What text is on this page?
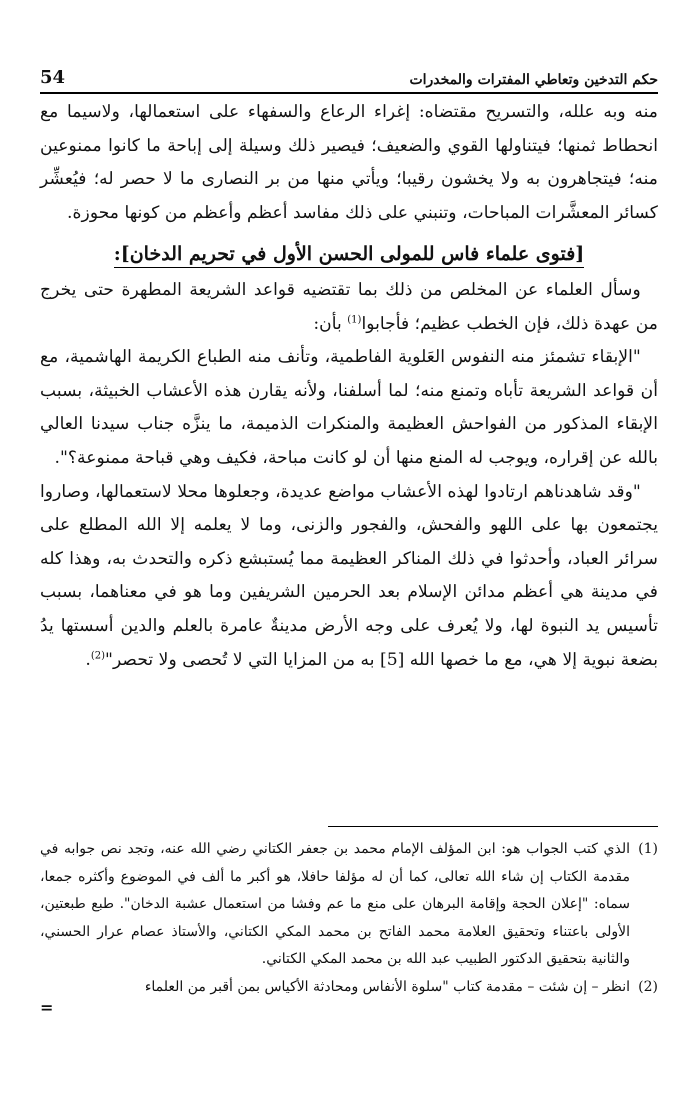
حكم التدخين وتعاطي المفترات والمخدرات
54

منه وبه علله، والتسريح مقتضاه: إغراء الرعاع والسفهاء على استعمالها، ولاسيما مع انحطاط ثمنها؛ فيتناولها القوي والضعيف؛ فيصير ذلك وسيلة إلى إباحة ما كانوا ممنوعين منه؛ فيتجاهرون به ولا يخشون رقيبا؛ ويأتي منها من بر النصارى ما لا حصر له؛ فيُعشِّر كسائر المعشَّرات المباحات، وتنبني على ذلك مفاسد أعظم وأعظم من كونها محوزة.

[فتوى علماء فاس للمولى الحسن الأول في تحريم الدخان]:

 وسأل العلماء عن المخلص من ذلك بما تقتضيه قواعد الشريعة المطهرة حتى يخرج من عهدة ذلك، فإن الخطب عظيم؛ فأجابوا$^{(1)}$ بأن:

 "الإبقاء تشمئز منه النفوس العَلوية الفاطمية، وتأنف منه الطباع الكريمة الهاشمية، مع أن قواعد الشريعة تأباه وتمنع منه؛ لما أسلفنا، ولأنه يقارن هذه الأعشاب الخبيثة، بسبب الإبقاء المذكور من الفواحش العظيمة والمنكرات الذميمة، ما ينزَّه جناب سيدنا العالي بالله عن إقراره، ويوجب له المنع منها أن لو كانت مباحة، فكيف وهي قباحة ممنوعة؟".

 "وقد شاهدناهم ارتادوا لهذه الأعشاب مواضع عديدة، وجعلوها محلا لاستعمالها، وصاروا يجتمعون بها على اللهو والفحش، والفجور والزنى، وما لا يعلمه إلا الله المطلع على سرائر العباد، وأحدثوا في ذلك المناكر العظيمة مما يُستبشع ذكره والتحدث به، وهذا كله في مدينة هي أعظم مدائن الإسلام بعد الحرمين الشريفين وما هو في معناهما، بسبب تأسيس يد النبوة لها، ولا يُعرف على وجه الأرض مدينةٌ عامرة بالعلم والدين أسستها يدُ بضعة نبوية إلا هي، مع ما خصها الله [5] به من المزايا التي لا تُحصى ولا تحصر"$^{(2)}$.

(1)
الذي كتب الجواب هو: ابن المؤلف الإمام محمد بن جعفر الكتاني رضي الله عنه، وتجد نص جوابه في مقدمة الكتاب إن شاء الله تعالى، كما أن له مؤلفا حافلا، هو أكبر ما ألف في الموضوع وأكثره جمعا، سماه: "إعلان الحجة وإقامة البرهان على منع ما عم وفشا من استعمال عشبة الدخان". طبع طبعتين، الأولى باعتناء وتحقيق العلامة محمد الفاتح بن محمد المكي الكتاني، والأستاذ عصام عرار الحسني، والثانية بتحقيق الدكتور الطبيب عبد الله بن محمد المكي الكتاني.
(2)
انظر – إن شئت – مقدمة كتاب "سلوة الأنفاس ومحادثة الأكياس بمن أقبر من العلماء
=
